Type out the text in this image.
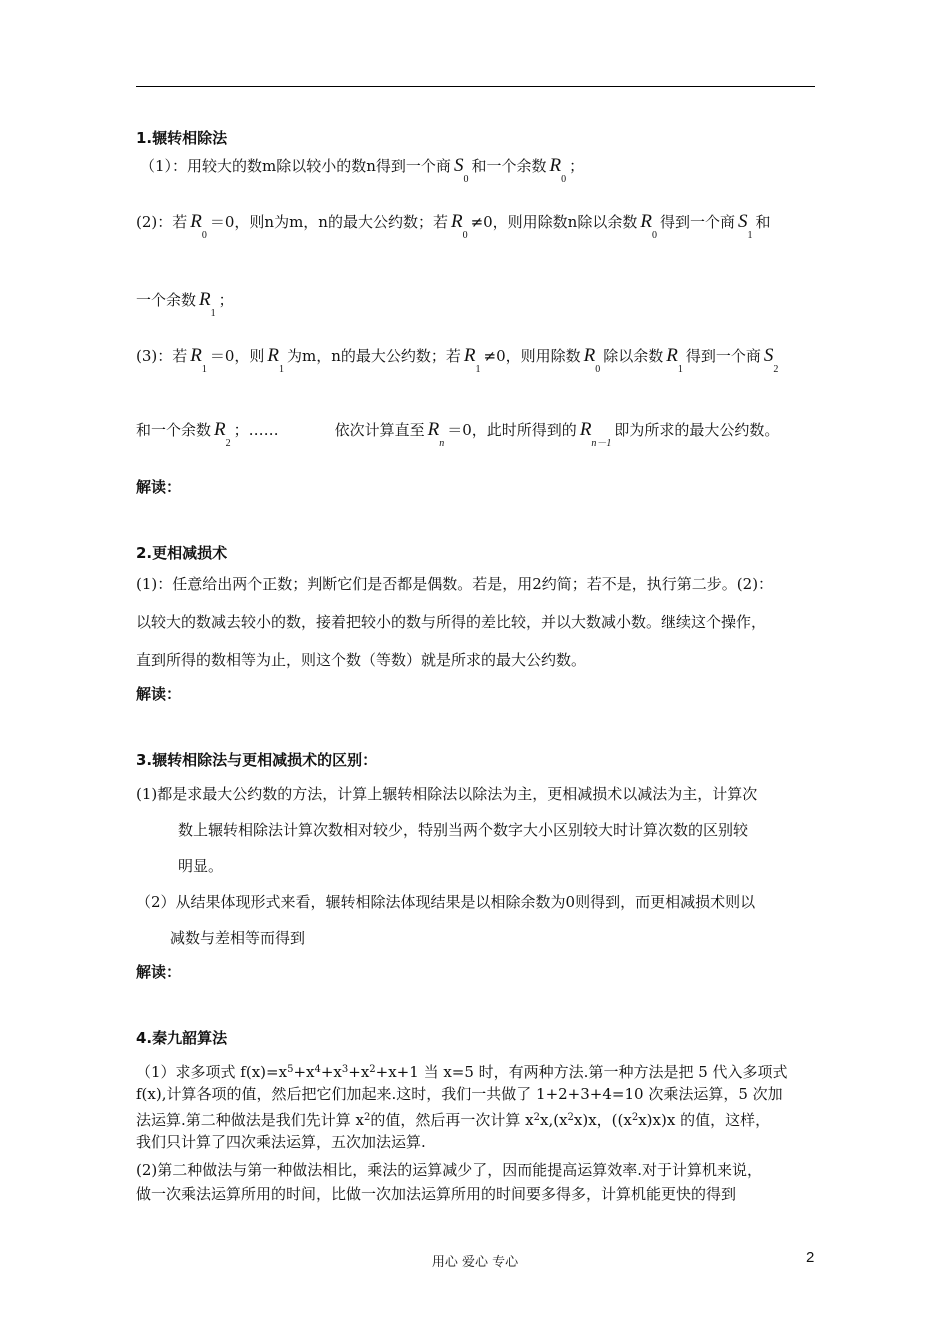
1.辗转相除法
（1）：用较大的数m除以较小的数n得到一个商 $S_0$和一个余数 $R_0$；
(2)：若 $R_0=0$，则n为m，n的最大公约数；若 $R_0\ne 0$，则用除数n除以余数 $R_0$得到一个商 $S_1$和
一个余数 $R_1$；
(3)：若 $R_1=0$，则 $R_1$为m，n的最大公约数；若 $R_1\ne 0$，则用除数 $R_0$除以余数 $R_1$得到一个商 $S_2$
和一个余数 $R_2$；……	依次计算直至 $R_n=0$，此时所得到的 $R_{n-1}$即为所求的最大公约数。
解读：
2.更相减损术
(1)：任意给出两个正数；判断它们是否都是偶数。若是，用2约简；若不是，执行第二步。(2)：
以较大的数减去较小的数，接着把较小的数与所得的差比较，并以大数减小数。继续这个操作，
直到所得的数相等为止，则这个数（等数）就是所求的最大公约数。
解读：
3.辗转相除法与更相减损术的区别：
(1)都是求最大公约数的方法，计算上辗转相除法以除法为主，更相减损术以减法为主，计算次
数上辗转相除法计算次数相对较少，特别当两个数字大小区别较大时计算次数的区别较
明显。
（2）从结果体现形式来看，辗转相除法体现结果是以相除余数为0则得到，而更相减损术则以
减数与差相等而得到
解读：
4.秦九韶算法
（1）求多项式 $f(x)=x^5+x^4+x^3+x^2+x+1$ 当 x=5 时，有两种方法.第一种方法是把 5 代入多项式
f(x),计算各项的值，然后把它们加起来.这时，我们一共做了 1+2+3+4=10 次乘法运算，5 次加
法运算.第二种做法是我们先计算 $x^2$的值，然后再一次计算 $x^2x,(x^2x)x$，$((x^2x)x)x$ 的值，这样，
我们只计算了四次乘法运算，五次加法运算.
(2)第二种做法与第一种做法相比，乘法的运算减少了，因而能提高运算效率.对于计算机来说，
做一次乘法运算所用的时间，比做一次加法运算所用的时间要多得多，计算机能更快的得到
用心 爱心 专心	2
